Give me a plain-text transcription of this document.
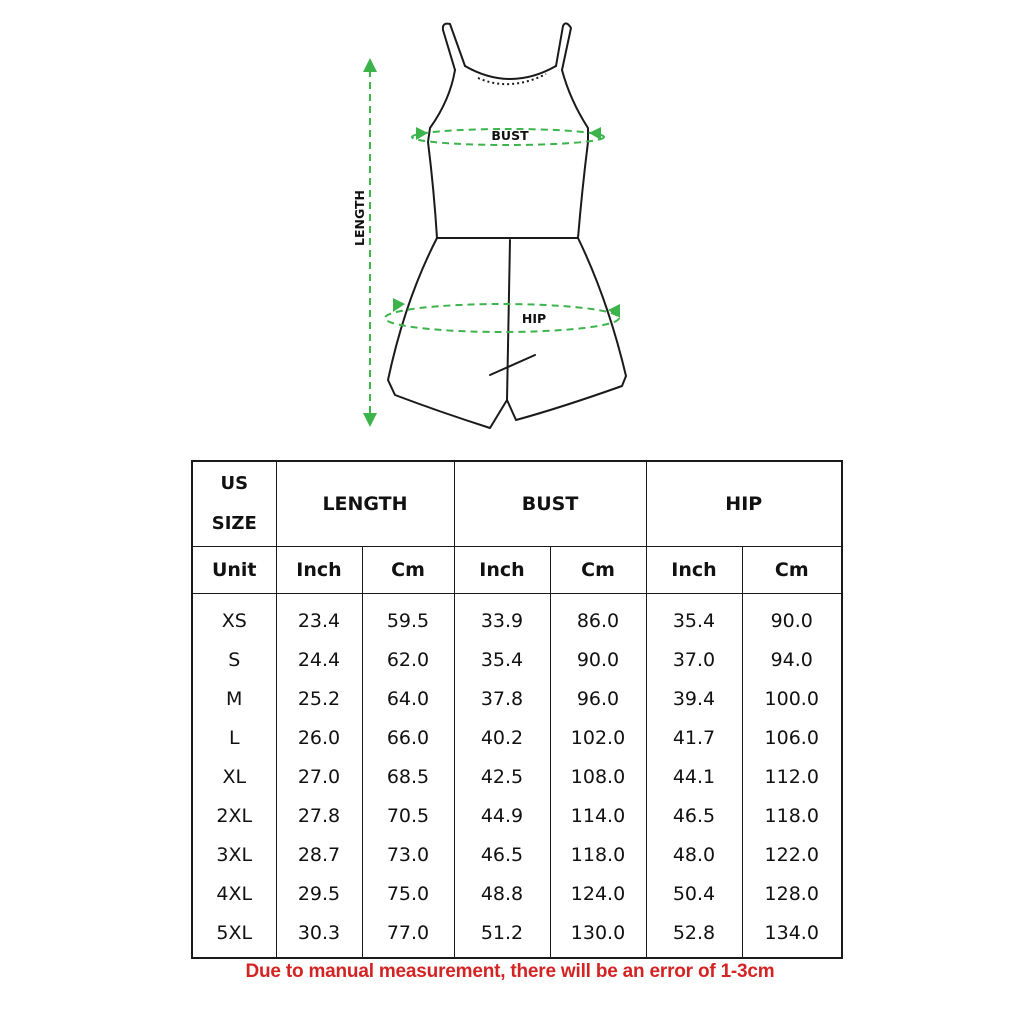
BUST
HIP
LENGTH
US
SIZE	LENGTH		BUST		HIP	
Unit	Inch	Cm	Inch	Cm	Inch	Cm
XS	23.4	59.5	33.9	86.0	35.4	90.0
S	24.4	62.0	35.4	90.0	37.0	94.0
M	25.2	64.0	37.8	96.0	39.4	100.0
L	26.0	66.0	40.2	102.0	41.7	106.0
XL	27.0	68.5	42.5	108.0	44.1	112.0
2XL	27.8	70.5	44.9	114.0	46.5	118.0
3XL	28.7	73.0	46.5	118.0	48.0	122.0
4XL	29.5	75.0	48.8	124.0	50.4	128.0
5XL	30.3	77.0	51.2	130.0	52.8	134.0
Due to manual measurement, there will be an error of 1-3cm
